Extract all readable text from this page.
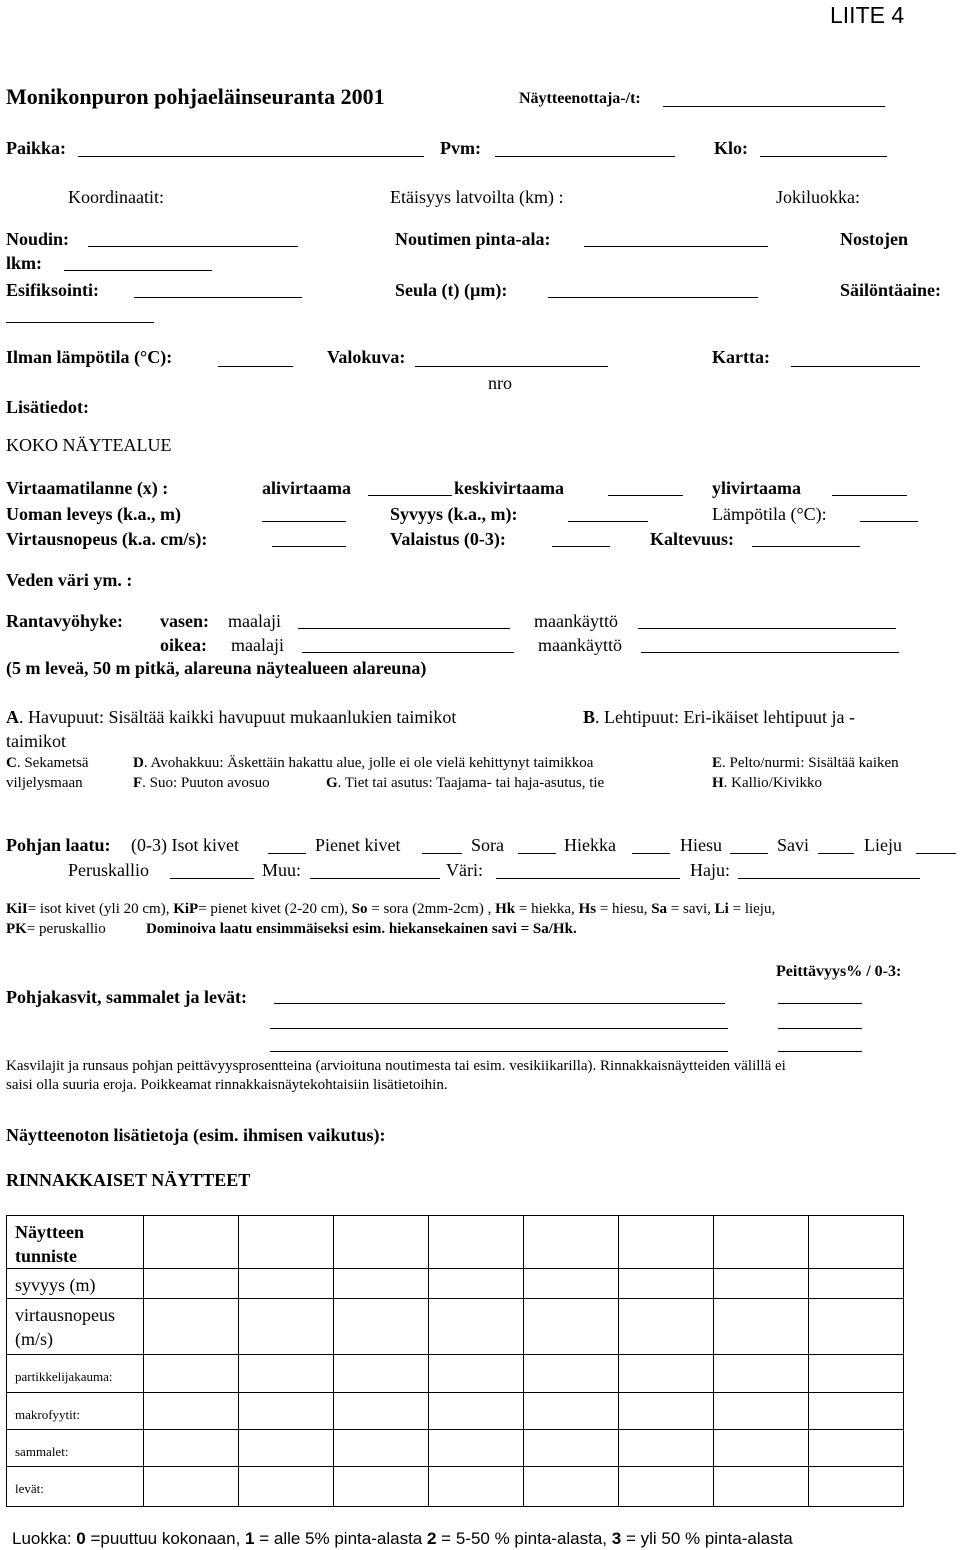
LIITE 4
Monikonpuron pohjaeläinseuranta 2001	Näytteenottaja-/t:
Paikka:	Pvm:	Klo:
Koordinaatit:	Etäisyys latvoilta (km) :	Jokiluokka:
Noudin:	Noutimen pinta-ala:	Nostojen
lkm:
Esifiksointi:	Seula (t) (µm):	Säilöntäaine:
Ilman lämpötila (°C):	Valokuva:	Kartta:
nro
Lisätiedot:
KOKO NÄYTEALUE
Virtaamatilanne (x) :	alivirtaama	keskivirtaama	ylivirtaama
Uoman leveys (k.a., m)	Syvyys (k.a., m):	Lämpötila (°C):
Virtausnopeus (k.a. cm/s):	Valaistus (0-3):	Kaltevuus:
Veden väri ym. :
Rantavyöhyke: vasen: maalaji	maankäyttö
oikea: maalaji	maankäyttö
(5 m leveä, 50 m pitkä, alareuna näytealueen alareuna)
A. Havupuut: Sisältää kaikki havupuut mukaanlukien taimikot	B. Lehtipuut: Eri-ikäiset lehtipuut ja -
taimikot
C. Sekametsä	D. Avohakkuu: Äskettäin hakattu alue, jolle ei ole vielä kehittynyt taimikkoa	E. Pelto/nurmi: Sisältää kaiken
viljelysmaan	F. Suo: Puuton avosuo	G. Tiet tai asutus: Taajama- tai haja-asutus, tie	H. Kallio/Kivikko
Pohjan laatu: (0-3) Isot kivet	Pienet kivet	Sora	Hiekka	Hiesu	Savi	Lieju
Peruskallio	Muu:	Väri:	Haju:
KiI= isot kivet (yli 20 cm), KiP= pienet kivet (2-20 cm), So = sora (2mm-2cm) , Hk = hiekka, Hs = hiesu, Sa = savi, Li = lieju,
PK= peruskallio	Dominoiva laatu ensimmäiseksi esim. hiekansekainen savi = Sa/Hk.
Peittävyys% / 0-3:
Pohjakasvit, sammalet ja levät:
Kasvilajit ja runsaus pohjan peittävyysprosentteina (arvioituna noutimesta tai esim. vesikiikarilla). Rinnakkaisnäytteiden välillä ei
saisi olla suuria eroja. Poikkeamat rinnakkaisnäytekohtaisiin lisätietoihin.
Näytteenoton lisätietoja (esim. ihmisen vaikutus):
RINNAKKAISET NÄYTTEET
Näytteen tunniste								

syvyys (m)								

virtausnopeus (m/s)								

partikkelijakauma:								

makrofyytit:								

sammalet:								

levät:								

Luokka: 0 =puuttuu kokonaan, 1 = alle 5% pinta-alasta 2 = 5-50 % pinta-alasta, 3 = yli 50 % pinta-alasta
